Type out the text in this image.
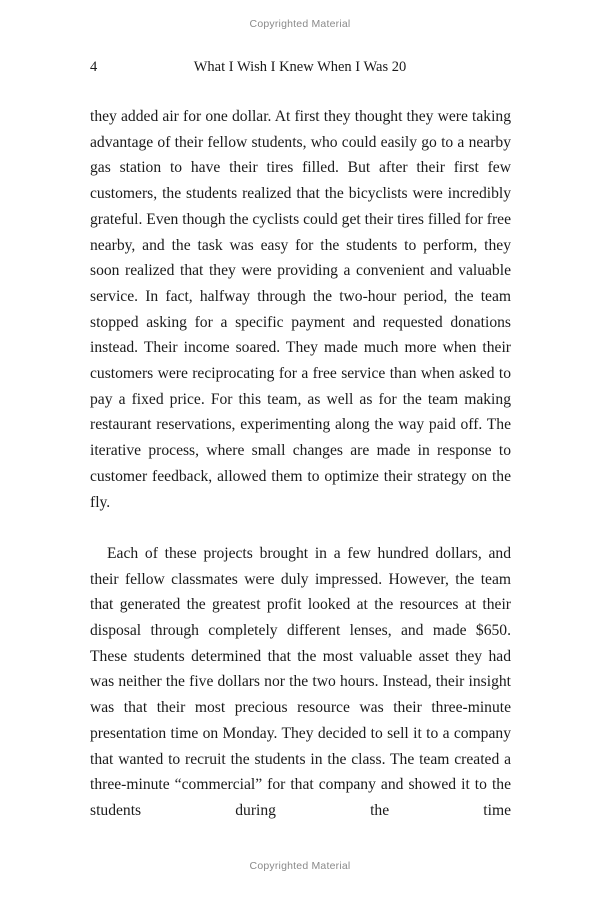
Copyrighted Material
4	What I Wish I Knew When I Was 20

they added air for one dollar. At first they thought they were taking advantage of their fellow students, who could easily go to a nearby gas station to have their tires filled. But after their first few customers, the students realized that the bicyclists were incredibly grateful. Even though the cyclists could get their tires filled for free nearby, and the task was easy for the students to perform, they soon realized that they were providing a convenient and valuable service. In fact, halfway through the two-hour period, the team stopped asking for a specific payment and requested donations instead. Their income soared. They made much more when their customers were reciprocating for a free service than when asked to pay a fixed price. For this team, as well as for the team making restaurant reservations, experimenting along the way paid off. The iterative process, where small changes are made in response to customer feedback, allowed them to optimize their strategy on the fly.

Each of these projects brought in a few hundred dollars, and their fellow classmates were duly impressed. However, the team that generated the greatest profit looked at the resources at their disposal through completely different lenses, and made $650. These students determined that the most valuable asset they had was neither the five dollars nor the two hours. Instead, their insight was that their most precious resource was their three-minute presentation time on Monday. They decided to sell it to a company that wanted to recruit the students in the class. The team created a three-minute “commercial” for that company and showed it to the students during the time

Copyrighted Material
